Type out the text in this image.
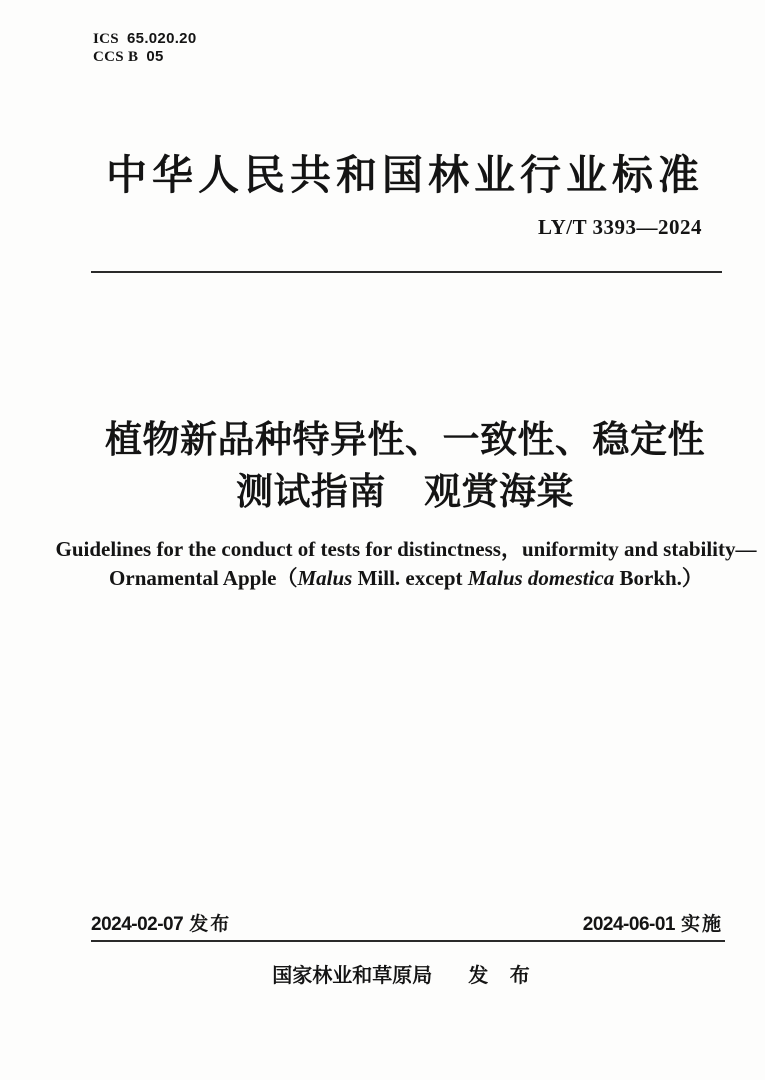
ICS 65.020.20
CCS B 05
中华人民共和国林业行业标准
LY/T 3393—2024
植物新品种特异性、一致性、稳定性
测试指南 观赏海棠
Guidelines for the conduct of tests for distinctness，uniformity and stability—
Ornamental Apple（Malus Mill. except Malus domestica Borkh.）
2024-02-07 发布	2024-06-01 实施
国家林业和草原局 发 布
